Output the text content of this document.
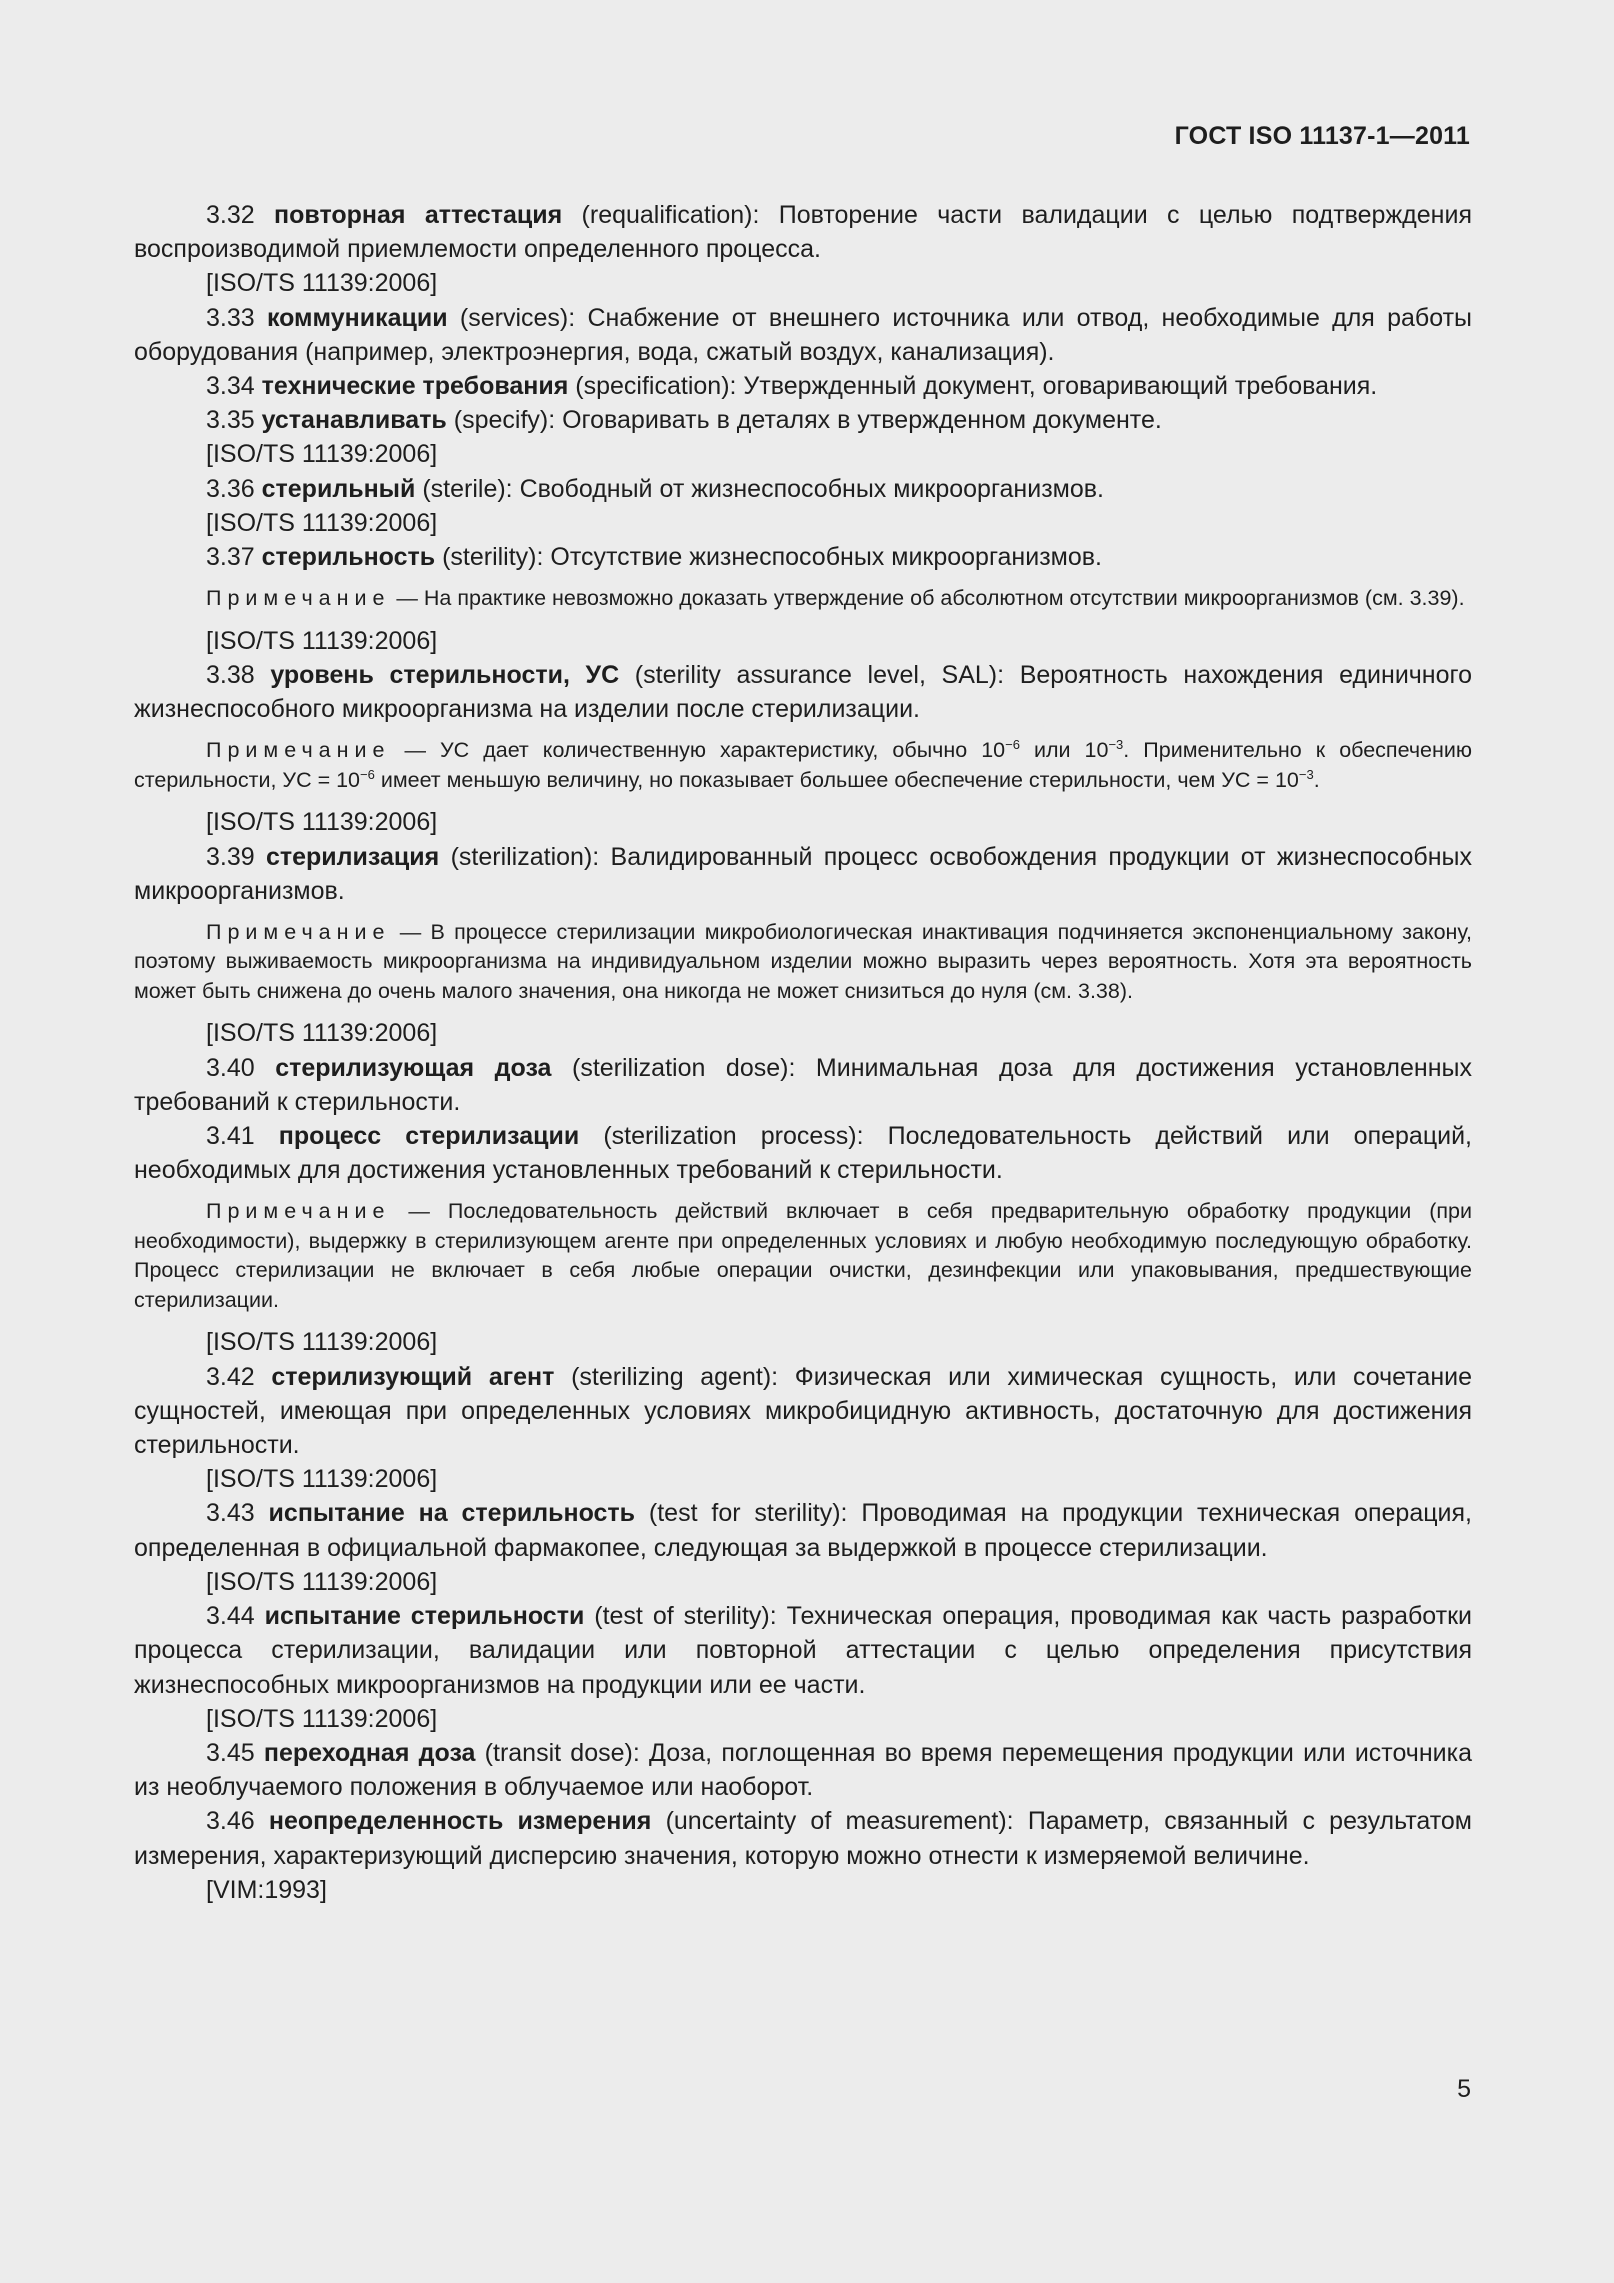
ГОСТ ISO 11137-1—2011

3.32 повторная аттестация (requalification): Повторение части валидации с целью подтверждения воспроизводимой приемлемости определенного процесса.

[ISO/TS 11139:2006]

3.33 коммуникации (services): Снабжение от внешнего источника или отвод, необходимые для работы оборудования (например, электроэнергия, вода, сжатый воздух, канализация).

3.34 технические требования (specification): Утвержденный документ, оговаривающий требования.

3.35 устанавливать (specify): Оговаривать в деталях в утвержденном документе.

[ISO/TS 11139:2006]

3.36 стерильный (sterile): Свободный от жизнеспособных микроорганизмов.

[ISO/TS 11139:2006]

3.37 стерильность (sterility): Отсутствие жизнеспособных микроорганизмов.

Примечание — На практике невозможно доказать утверждение об абсолютном отсутствии микроорганизмов (см. 3.39).

[ISO/TS 11139:2006]

3.38 уровень стерильности, УС (sterility assurance level, SAL): Вероятность нахождения единичного жизнеспособного микроорганизма на изделии после стерилизации.

Примечание — УС дает количественную характеристику, обычно $10^{-6}$ или $10^{-3}$. Применительно к обеспечению стерильности, УС = $10^{-6}$ имеет меньшую величину, но показывает большее обеспечение стерильности, чем УС = $10^{-3}$.

[ISO/TS 11139:2006]

3.39 стерилизация (sterilization): Валидированный процесс освобождения продукции от жизнеспособных микроорганизмов.

Примечание — В процессе стерилизации микробиологическая инактивация подчиняется экспоненциальному закону, поэтому выживаемость микроорганизма на индивидуальном изделии можно выразить через вероятность. Хотя эта вероятность может быть снижена до очень малого значения, она никогда не может снизиться до нуля (см. 3.38).

[ISO/TS 11139:2006]

3.40 стерилизующая доза (sterilization dose): Минимальная доза для достижения установленных требований к стерильности.

3.41 процесс стерилизации (sterilization process): Последовательность действий или операций, необходимых для достижения установленных требований к стерильности.

Примечание — Последовательность действий включает в себя предварительную обработку продукции (при необходимости), выдержку в стерилизующем агенте при определенных условиях и любую необходимую последующую обработку. Процесс стерилизации не включает в себя любые операции очистки, дезинфекции или упаковывания, предшествующие стерилизации.

[ISO/TS 11139:2006]

3.42 стерилизующий агент (sterilizing agent): Физическая или химическая сущность, или сочетание сущностей, имеющая при определенных условиях микробицидную активность, достаточную для достижения стерильности.

[ISO/TS 11139:2006]

3.43 испытание на стерильность (test for sterility): Проводимая на продукции техническая операция, определенная в официальной фармакопее, следующая за выдержкой в процессе стерилизации.

[ISO/TS 11139:2006]

3.44 испытание стерильности (test of sterility): Техническая операция, проводимая как часть разработки процесса стерилизации, валидации или повторной аттестации с целью определения присутствия жизнеспособных микроорганизмов на продукции или ее части.

[ISO/TS 11139:2006]

3.45 переходная доза (transit dose): Доза, поглощенная во время перемещения продукции или источника из необлучаемого положения в облучаемое или наоборот.

3.46 неопределенность измерения (uncertainty of measurement): Параметр, связанный с результатом измерения, характеризующий дисперсию значения, которую можно отнести к измеряемой величине.

[VIM:1993]

5
